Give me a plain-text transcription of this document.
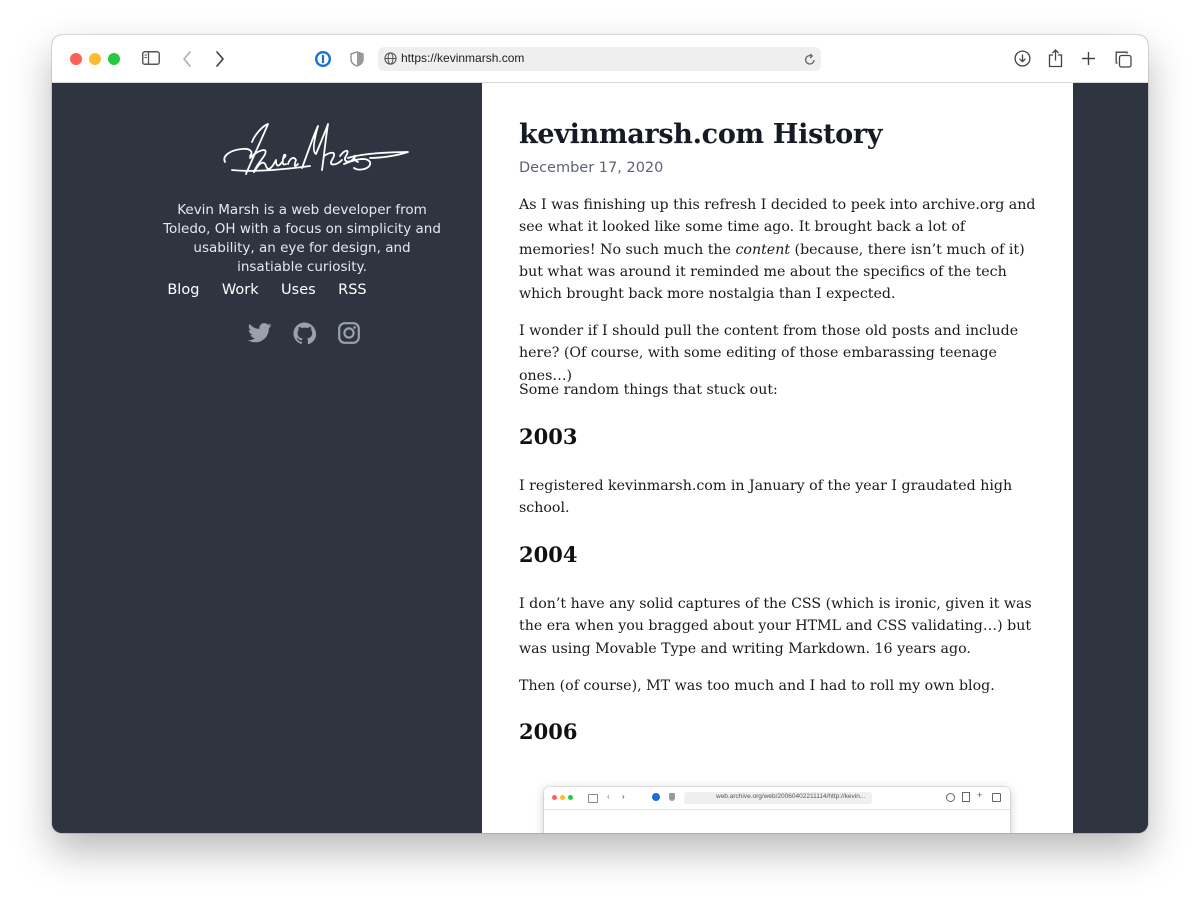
https://kevinmarsh.com
Kevin Marsh is a web developer from Toledo, OH with a focus on simplicity and usability, an eye for design, and insatiable curiosity.
Blog Work Uses RSS
kevinmarsh.com History
December 17, 2020

As I was finishing up this refresh I decided to peek into archive.org and see what it looked like some time ago. It brought back a lot of memories! No such much the content (because, there isn’t much of it) but what was around it reminded me about the specifics of the tech which brought back more nostalgia than I expected.

I wonder if I should pull the content from those old posts and include here? (Of course, with some editing of those embarassing teenage ones…)

Some random things that stuck out:

2003

I registered kevinmarsh.com in January of the year I graudated high school.

2004

I don’t have any solid captures of the CSS (which is ironic, given it was the era when you bragged about your HTML and CSS validating…) but was using Movable Type and writing Markdown. 16 years ago.

Then (of course), MT was too much and I had to roll my own blog.

2006
‹ ›	web.archive.org/web/20060402211114/http://kevin...	+
